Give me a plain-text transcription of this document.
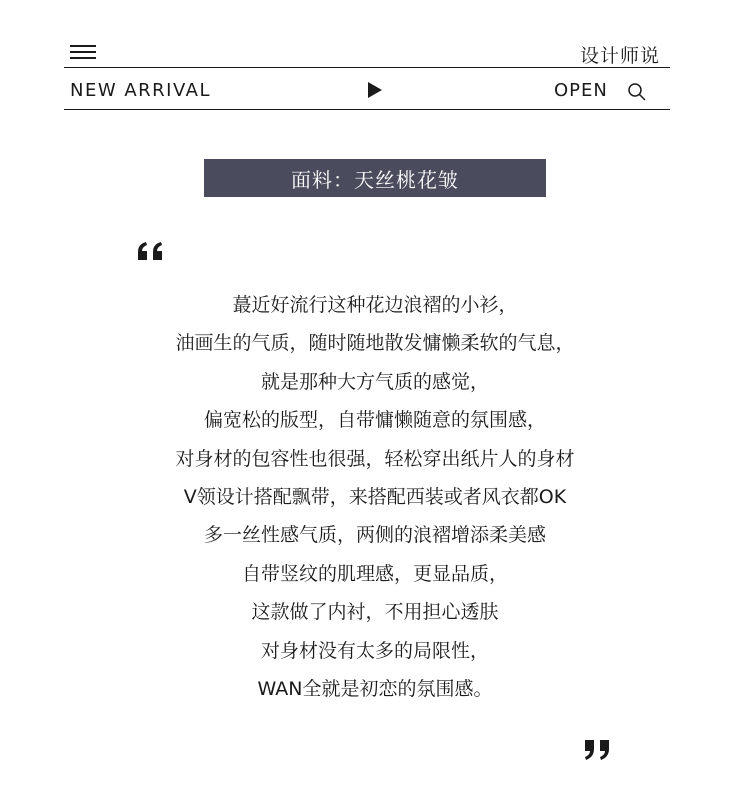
设计师说
NEW ARRIVAL	OPEN
面料：天丝桃花皱
蕞近好流行这种花边浪褶的小衫，
油画生的气质，随时随地散发慵懒柔软的气息，
就是那种大方气质的感觉，
偏宽松的版型，自带慵懒随意的氛围感，
对身材的包容性也很强，轻松穿出纸片人的身材
V领设计搭配飘带，来搭配西装或者风衣都OK
多一丝性感气质，两侧的浪褶增添柔美感
自带竖纹的肌理感，更显品质，
这款做了内衬，不用担心透肤
对身材没有太多的局限性，
WAN全就是初恋的氛围感。
